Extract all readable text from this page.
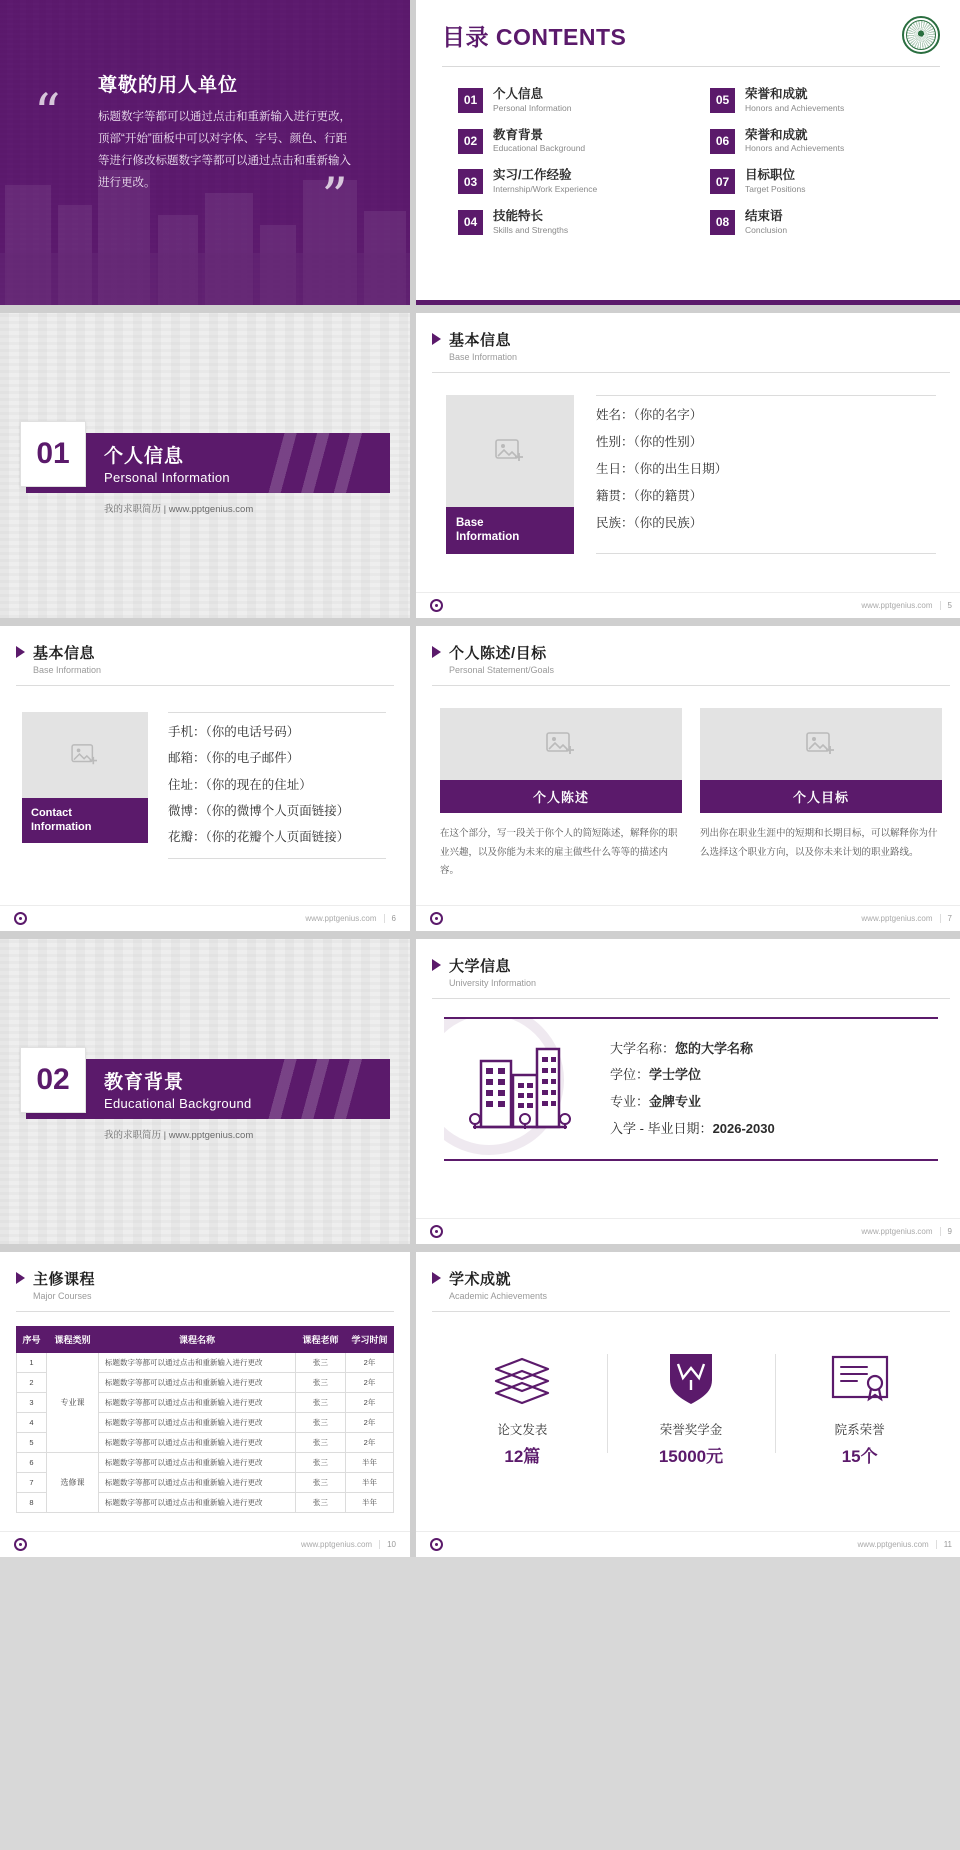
“
”
尊敬的用人单位

标题数字等都可以通过点击和重新输入进行更改，顶部“开始”面板中可以对字体、字号、颜色、行距等进行修改标题数字等都可以通过点击和重新输入进行更改。

目录 CONTENTS
01	个人信息
Personal Information
05	荣誉和成就
Honors and Achievements
02	教育背景
Educational Background
06	荣誉和成就
Honors and Achievements
03	实习/工作经验
Internship/Work Experience
07	目标职位
Target Positions
04	技能特长
Skills and Strengths
08	结束语
Conclusion
01	个人信息
Personal Information
我的求职简历 | www.pptgenius.com
基本信息
Base Information
Base
Information
姓名：（你的名字）
性别：（你的性别）
生日：（你的出生日期）
籍贯：（你的籍贯）
民族：（你的民族）
www.pptgenius.com	5
基本信息
Base Information
Contact
Information
手机：（你的电话号码）
邮箱：（你的电子邮件）
住址：（你的现在的住址）
微博：（你的微博个人页面链接）
花瓣：（你的花瓣个人页面链接）
www.pptgenius.com	6
个人陈述/目标
Personal Statement/Goals
个人陈述

在这个部分，写一段关于你个人的简短陈述，解释你的职业兴趣，以及你能为未来的雇主做些什么等等的描述内容。

个人目标

列出你在职业生涯中的短期和长期目标，可以解释你为什么选择这个职业方向，以及你未来计划的职业路线。

www.pptgenius.com	7
02	教育背景
Educational Background
我的求职简历 | www.pptgenius.com
大学信息
University Information
大学名称：您的大学名称
学位：学士学位
专业：金牌专业
入学 - 毕业日期：2026-2030
www.pptgenius.com	9
主修课程
Major Courses
序号	课程类别	课程名称	课程老师	学习时间
1	专业课	标题数字等都可以通过点击和重新输入进行更改	张三	2年
2		标题数字等都可以通过点击和重新输入进行更改	张三	2年
3		标题数字等都可以通过点击和重新输入进行更改	张三	2年
4		标题数字等都可以通过点击和重新输入进行更改	张三	2年
5		标题数字等都可以通过点击和重新输入进行更改	张三	2年
6	选修课	标题数字等都可以通过点击和重新输入进行更改	张三	半年
7		标题数字等都可以通过点击和重新输入进行更改	张三	半年
8		标题数字等都可以通过点击和重新输入进行更改	张三	半年
www.pptgenius.com	10
学术成就
Academic Achievements
论文发表
12篇
荣誉奖学金
15000元
院系荣誉
15个
www.pptgenius.com	11
